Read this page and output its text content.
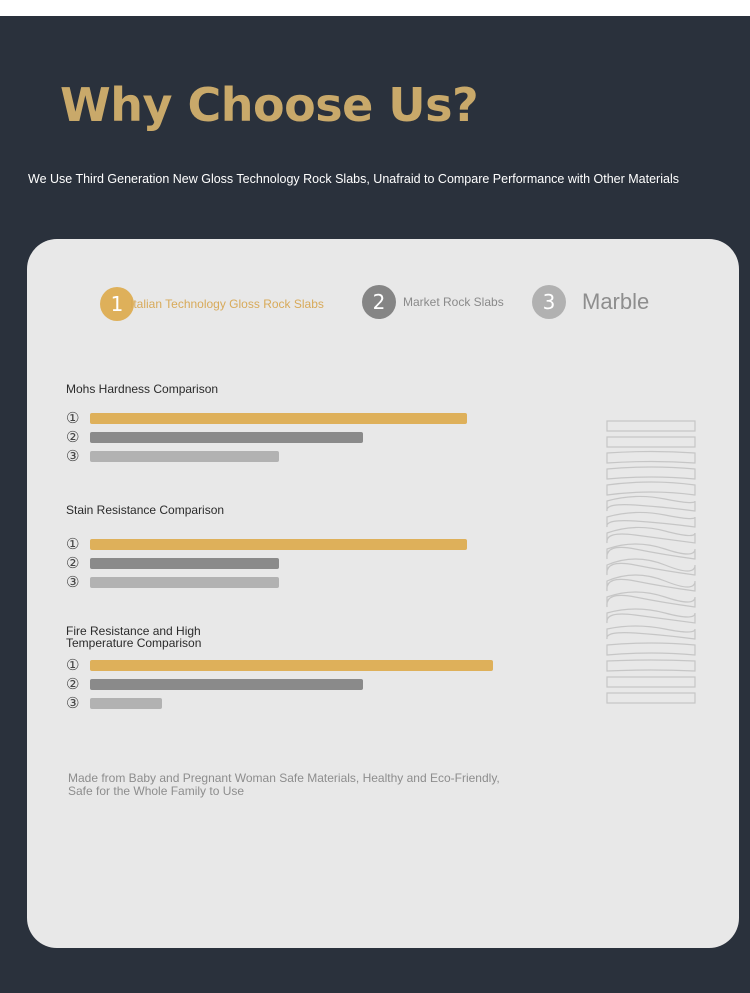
Why Choose Us?
We Use Third Generation New Gloss Technology Rock Slabs, Unafraid to Compare Performance with Other Materials
1 Italian Technology Gloss Rock Slabs	2	Market Rock Slabs	3	Marble
Mohs Hardness Comparison
①
②
③
Stain Resistance Comparison
①
②
③
Fire Resistance and High Temperature Comparison
①
②
③
Made from Baby and Pregnant Woman Safe Materials, Healthy and Eco-Friendly, Safe for the Whole Family to Use
